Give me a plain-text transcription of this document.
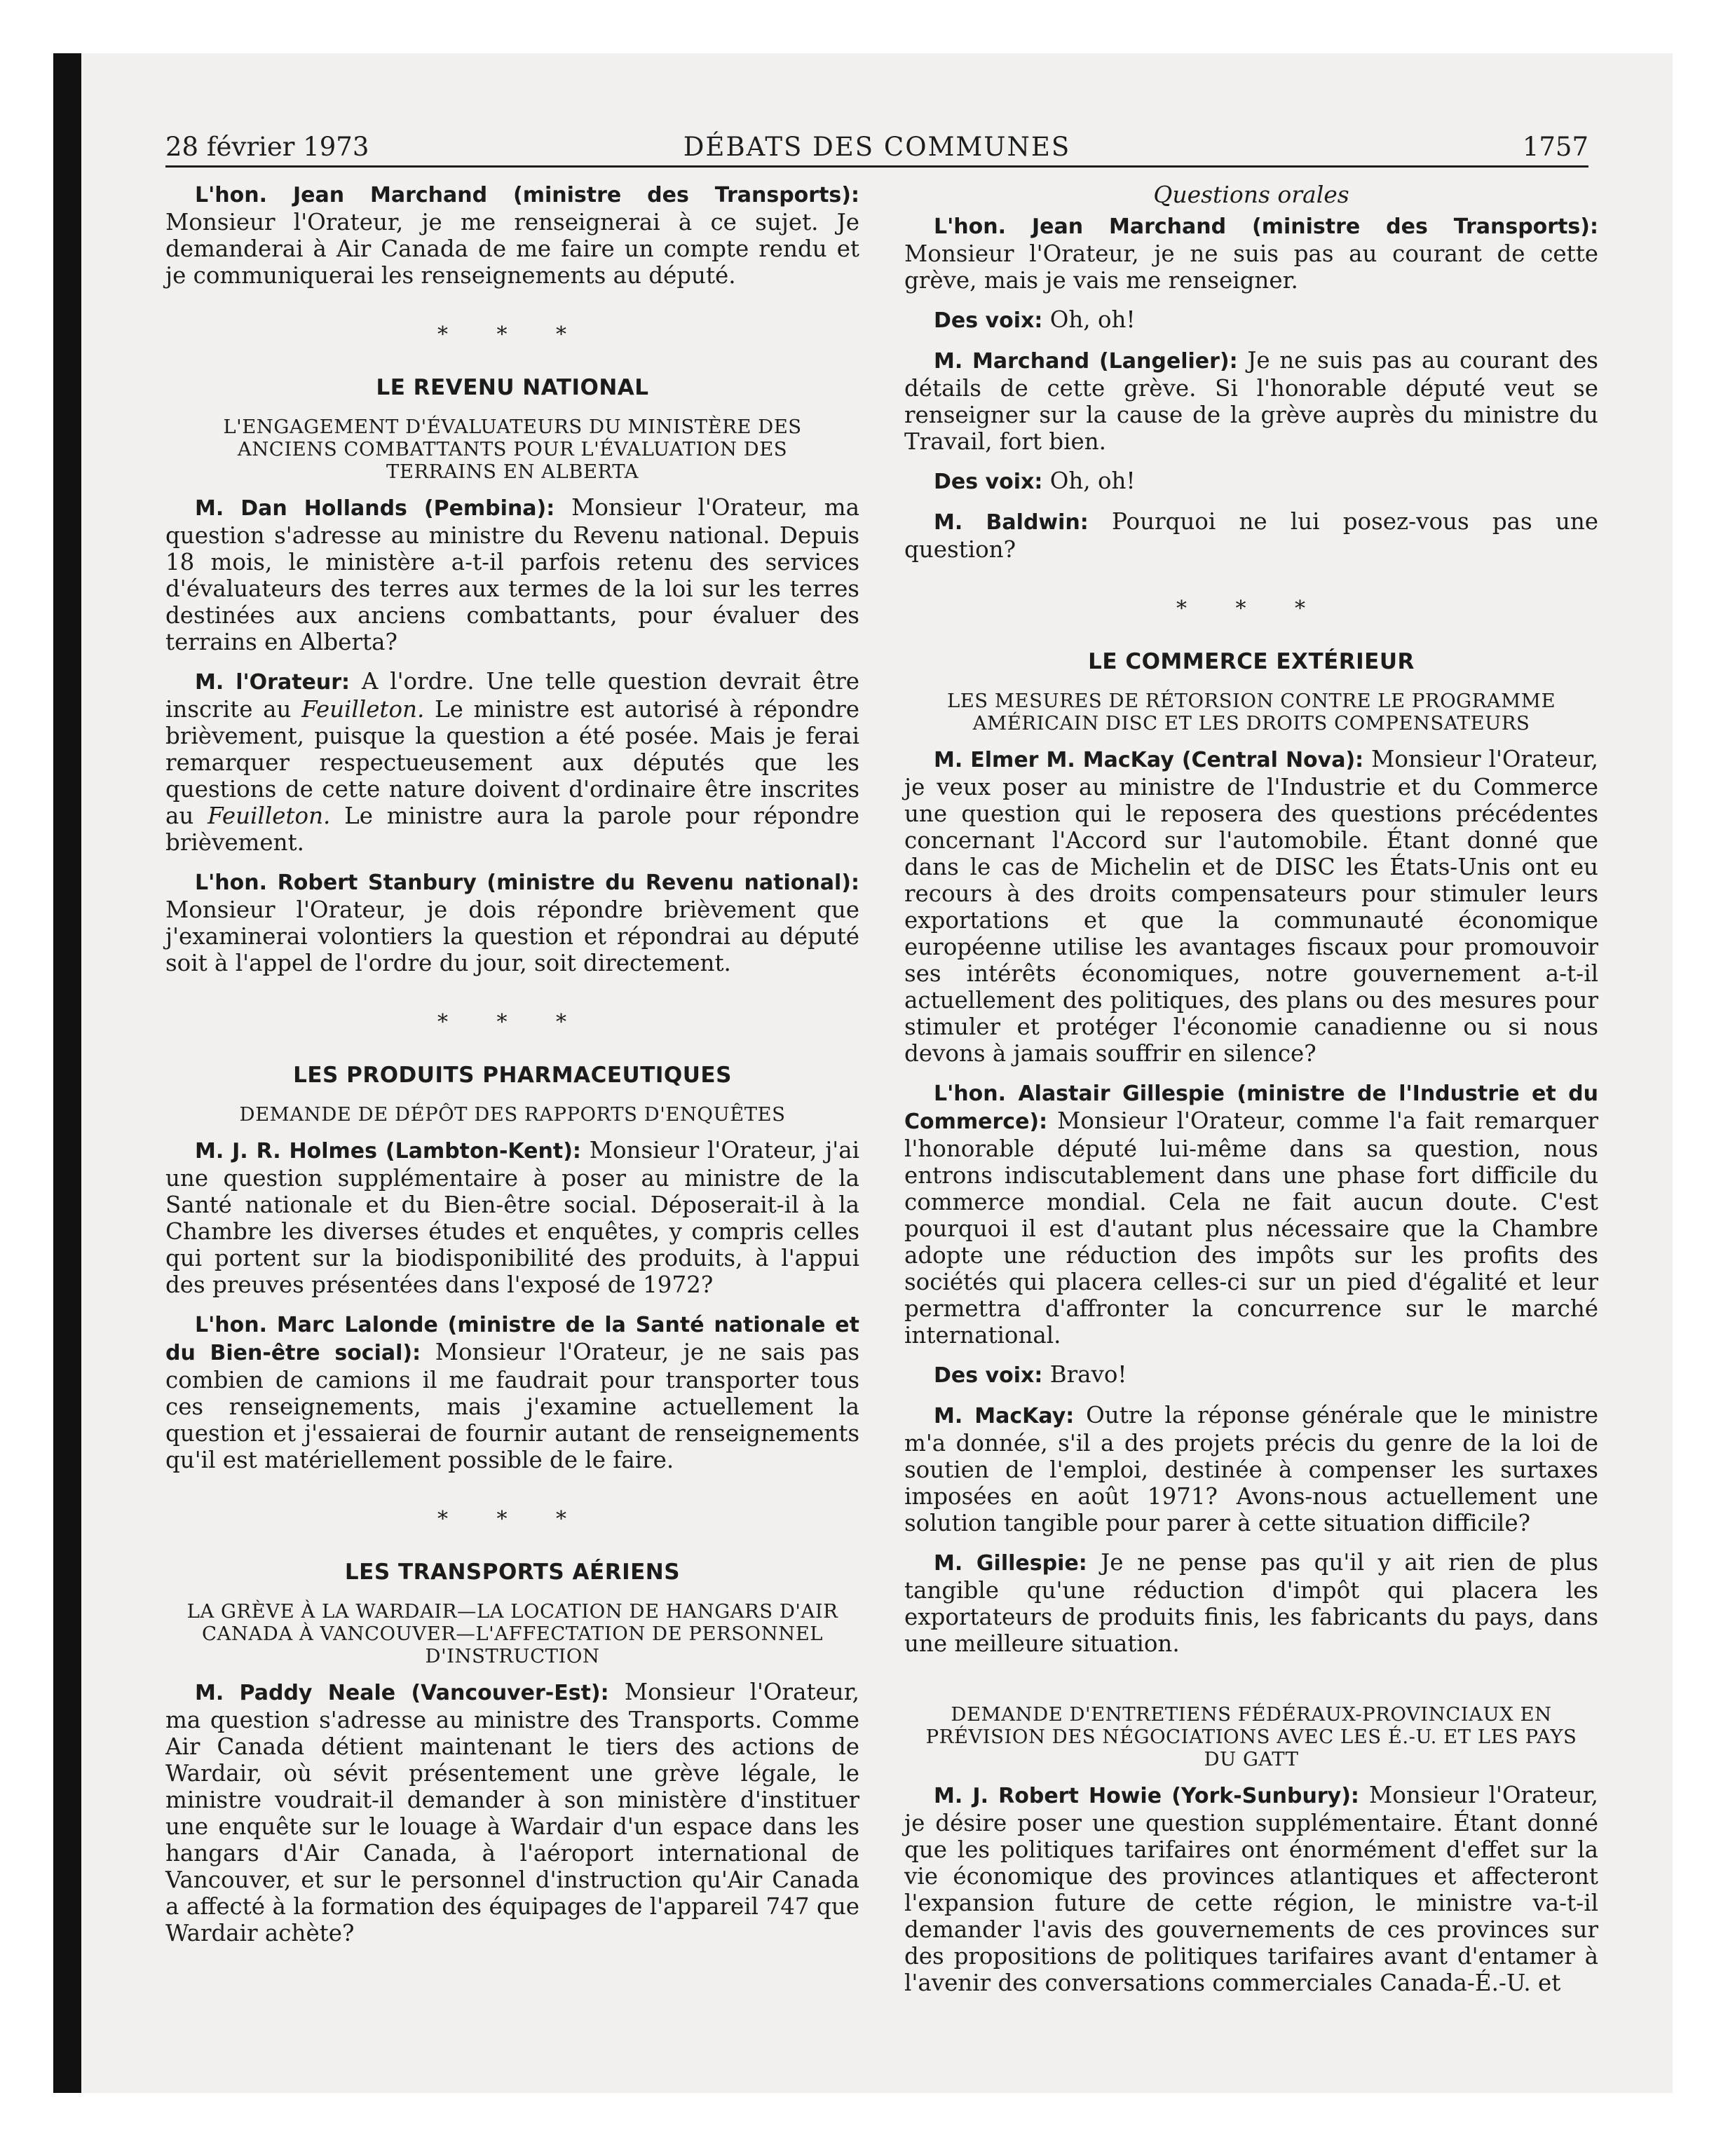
28 février 1973	DÉBATS DES COMMUNES	1757

L'hon. Jean Marchand (ministre des Transports): Monsieur l'Orateur, je me renseignerai à ce sujet. Je demanderai à Air Canada de me faire un compte rendu et je communiquerai les renseignements au député.

* * *
LE REVENU NATIONAL
L'ENGAGEMENT D'ÉVALUATEURS DU MINISTÈRE DES ANCIENS COMBATTANTS POUR L'ÉVALUATION DES TERRAINS EN ALBERTA

M. Dan Hollands (Pembina): Monsieur l'Orateur, ma question s'adresse au ministre du Revenu national. Depuis 18 mois, le ministère a-t-il parfois retenu des services d'évaluateurs des terres aux termes de la loi sur les terres destinées aux anciens combattants, pour évaluer des terrains en Alberta?

M. l'Orateur: A l'ordre. Une telle question devrait être inscrite au Feuilleton. Le ministre est autorisé à répondre brièvement, puisque la question a été posée. Mais je ferai remarquer respectueusement aux députés que les questions de cette nature doivent d'ordinaire être inscrites au Feuilleton. Le ministre aura la parole pour répondre brièvement.

L'hon. Robert Stanbury (ministre du Revenu national): Monsieur l'Orateur, je dois répondre brièvement que j'examinerai volontiers la question et répondrai au député soit à l'appel de l'ordre du jour, soit directement.

* * *
LES PRODUITS PHARMACEUTIQUES
DEMANDE DE DÉPÔT DES RAPPORTS D'ENQUÊTES

M. J. R. Holmes (Lambton-Kent): Monsieur l'Orateur, j'ai une question supplémentaire à poser au ministre de la Santé nationale et du Bien-être social. Déposerait-il à la Chambre les diverses études et enquêtes, y compris celles qui portent sur la biodisponibilité des produits, à l'appui des preuves présentées dans l'exposé de 1972?

L'hon. Marc Lalonde (ministre de la Santé nationale et du Bien-être social): Monsieur l'Orateur, je ne sais pas combien de camions il me faudrait pour transporter tous ces renseignements, mais j'examine actuellement la question et j'essaierai de fournir autant de renseignements qu'il est matériellement possible de le faire.

* * *
LES TRANSPORTS AÉRIENS
LA GRÈVE À LA WARDAIR—LA LOCATION DE HANGARS D'AIR CANADA À VANCOUVER—L'AFFECTATION DE PERSONNEL D'INSTRUCTION

M. Paddy Neale (Vancouver-Est): Monsieur l'Orateur, ma question s'adresse au ministre des Transports. Comme Air Canada détient maintenant le tiers des actions de Wardair, où sévit présentement une grève légale, le ministre voudrait-il demander à son ministère d'instituer une enquête sur le louage à Wardair d'un espace dans les hangars d'Air Canada, à l'aéroport international de Vancouver, et sur le personnel d'instruction qu'Air Canada a affecté à la formation des équipages de l'appareil 747 que Wardair achète?

Questions orales

L'hon. Jean Marchand (ministre des Transports): Monsieur l'Orateur, je ne suis pas au courant de cette grève, mais je vais me renseigner.

Des voix: Oh, oh!

M. Marchand (Langelier): Je ne suis pas au courant des détails de cette grève. Si l'honorable député veut se renseigner sur la cause de la grève auprès du ministre du Travail, fort bien.

Des voix: Oh, oh!

M. Baldwin: Pourquoi ne lui posez-vous pas une question?

* * *
LE COMMERCE EXTÉRIEUR
LES MESURES DE RÉTORSION CONTRE LE PROGRAMME AMÉRICAIN DISC ET LES DROITS COMPENSATEURS

M. Elmer M. MacKay (Central Nova): Monsieur l'Orateur, je veux poser au ministre de l'Industrie et du Commerce une question qui le reposera des questions précédentes concernant l'Accord sur l'automobile. Étant donné que dans le cas de Michelin et de DISC les États-Unis ont eu recours à des droits compensateurs pour stimuler leurs exportations et que la communauté économique européenne utilise les avantages fiscaux pour promouvoir ses intérêts économiques, notre gouvernement a-t-il actuellement des politiques, des plans ou des mesures pour stimuler et protéger l'économie canadienne ou si nous devons à jamais souffrir en silence?

L'hon. Alastair Gillespie (ministre de l'Industrie et du Commerce): Monsieur l'Orateur, comme l'a fait remarquer l'honorable député lui-même dans sa question, nous entrons indiscutablement dans une phase fort difficile du commerce mondial. Cela ne fait aucun doute. C'est pourquoi il est d'autant plus nécessaire que la Chambre adopte une réduction des impôts sur les profits des sociétés qui placera celles-ci sur un pied d'égalité et leur permettra d'affronter la concurrence sur le marché international.

Des voix: Bravo!

M. MacKay: Outre la réponse générale que le ministre m'a donnée, s'il a des projets précis du genre de la loi de soutien de l'emploi, destinée à compenser les surtaxes imposées en août 1971? Avons-nous actuellement une solution tangible pour parer à cette situation difficile?

M. Gillespie: Je ne pense pas qu'il y ait rien de plus tangible qu'une réduction d'impôt qui placera les exportateurs de produits finis, les fabricants du pays, dans une meilleure situation.

DEMANDE D'ENTRETIENS FÉDÉRAUX-PROVINCIAUX EN PRÉVISION DES NÉGOCIATIONS AVEC LES É.-U. ET LES PAYS DU GATT

M. J. Robert Howie (York-Sunbury): Monsieur l'Orateur, je désire poser une question supplémentaire. Étant donné que les politiques tarifaires ont énormément d'effet sur la vie économique des provinces atlantiques et affecteront l'expansion future de cette région, le ministre va-t-il demander l'avis des gouvernements de ces provinces sur des propositions de politiques tarifaires avant d'entamer à l'avenir des conversations commerciales Canada-É.-U. et
